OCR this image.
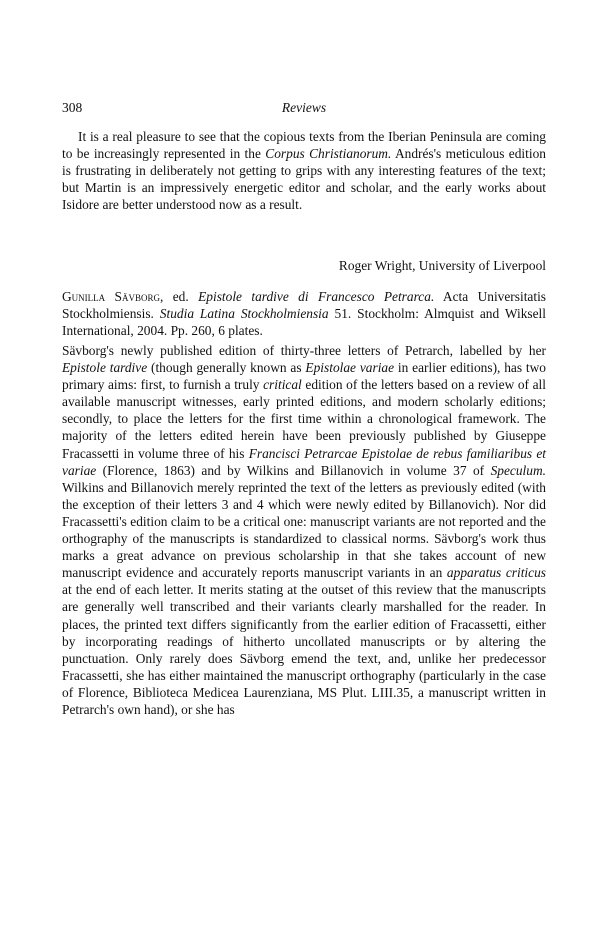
308	Reviews
It is a real pleasure to see that the copious texts from the Iberian Peninsula are coming to be increasingly represented in the Corpus Christianorum. Andrés's meticulous edition is frustrating in deliberately not getting to grips with any interesting features of the text; but Martin is an impressively energetic editor and scholar, and the early works about Isidore are better understood now as a result.
Roger Wright, University of Liverpool
Gunilla Sävborg, ed. Epistole tardive di Francesco Petrarca. Acta Universitatis Stockholmiensis. Studia Latina Stockholmiensia 51. Stockholm: Almquist and Wiksell International, 2004. Pp. 260, 6 plates.
Sävborg's newly published edition of thirty-three letters of Petrarch, labelled by her Epistole tardive (though generally known as Epistolae variae in earlier editions), has two primary aims: first, to furnish a truly critical edition of the letters based on a review of all available manuscript witnesses, early printed editions, and modern scholarly editions; secondly, to place the letters for the first time within a chronological framework. The majority of the letters edited herein have been previously published by Giuseppe Fracassetti in volume three of his Francisci Petrarcae Epistolae de rebus familiaribus et variae (Florence, 1863) and by Wilkins and Billanovich in volume 37 of Speculum. Wilkins and Billanovich merely reprinted the text of the letters as previously edited (with the exception of their letters 3 and 4 which were newly edited by Billanovich). Nor did Fracassetti's edition claim to be a critical one: manuscript variants are not reported and the orthography of the manuscripts is standardized to classical norms. Sävborg's work thus marks a great advance on previous scholarship in that she takes account of new manuscript evidence and accurately reports manuscript variants in an apparatus criticus at the end of each letter. It merits stating at the outset of this review that the manuscripts are generally well transcribed and their variants clearly marshalled for the reader. In places, the printed text differs significantly from the earlier edition of Fracassetti, either by incorporating readings of hitherto uncollated manuscripts or by altering the punctuation. Only rarely does Sävborg emend the text, and, unlike her predecessor Fracassetti, she has either maintained the manuscript orthography (particularly in the case of Florence, Biblioteca Medicea Laurenziana, MS Plut. LIII.35, a manuscript written in Petrarch's own hand), or she has
